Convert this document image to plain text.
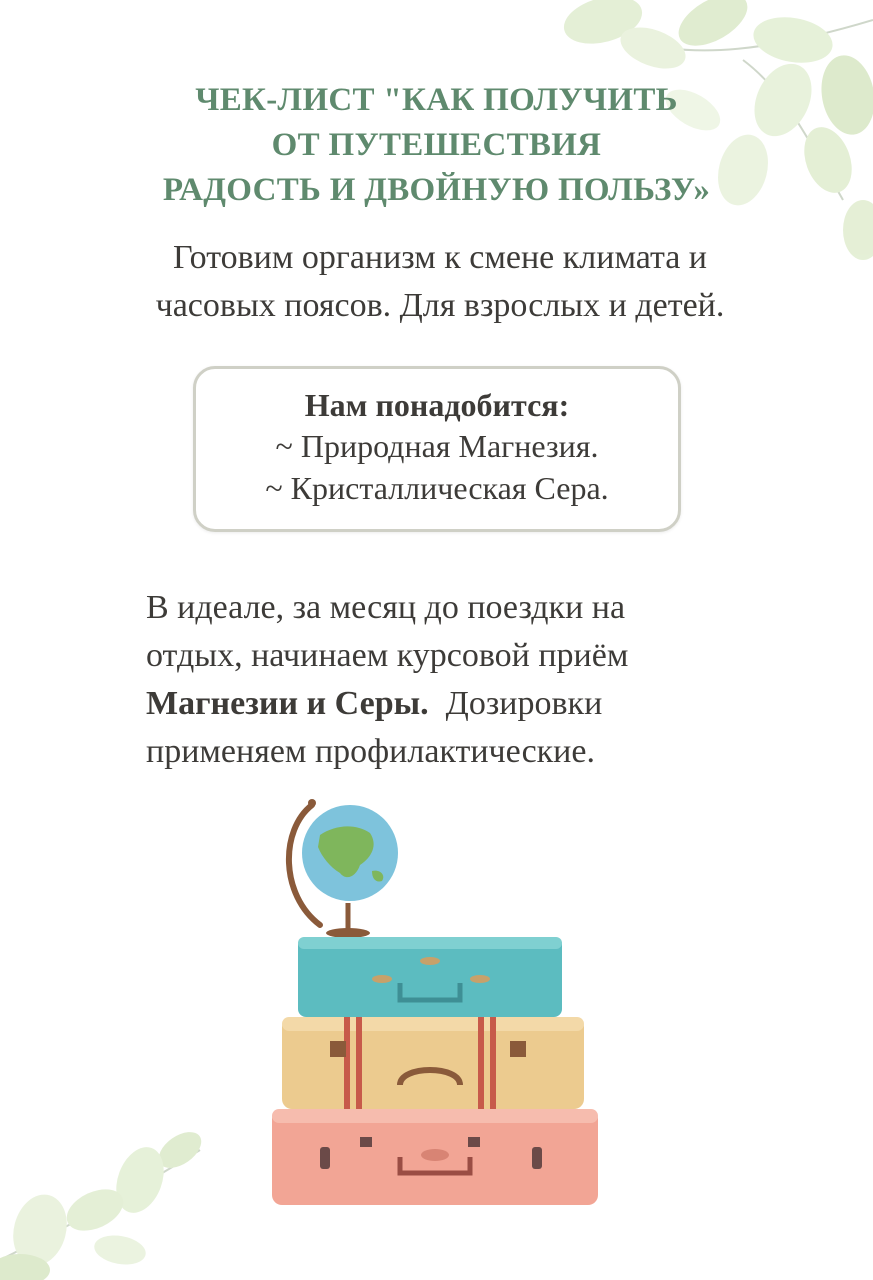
ЧЕК-ЛИСТ "КАК ПОЛУЧИТЬ
ОТ ПУТЕШЕСТВИЯ
РАДОСТЬ И ДВОЙНУЮ ПОЛЬЗУ»
Готовим организм к смене климата и
часовых поясов. Для взрослых и детей.
Нам понадобится:
~ Природная Магнезия.
~ Кристаллическая Сера.
В идеале, за месяц до поездки на
отдых, начинаем курсовой приём
Магнезии и Серы.  Дозировки
применяем профилактические.
